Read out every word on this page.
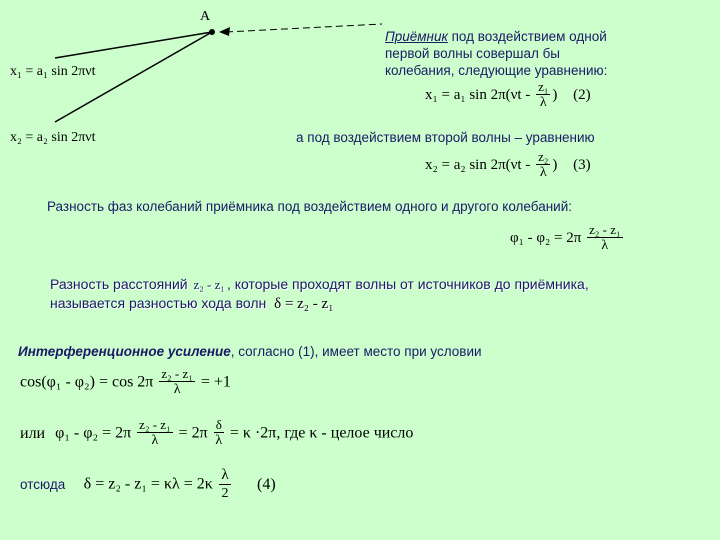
A
x₁ = a₁ sin 2πνt
x₂ = a₂ sin 2πνt
Приёмник под воздействием одной
первой волны совершал бы
колебания, следующие уравнению:
x₁ = a₁ $\sin 2\pi(\nu t - \frac{\text{z₁}}{\lambda}$ ) (2)
а под воздействием второй волны – уравнению
x₂ = a₂ $\sin 2\pi(\nu t - \frac{\text{z₂}}{\lambda}$ ) (3)
Разность фаз колебаний приёмника под воздействием одного и другого колебаний:
$\varphi_1 - \varphi_2 = 2\pi \frac{\text{z₂ - z₁}}{\lambda}$
Разность расстояний z₂ - z₁ , которые проходят волны от источников до приёмника,
называется разностью хода волн δ = z₂ - z₁
Интерференционное усиление, согласно (1), имеет место при условии
$\cos(\varphi_1 - \varphi_2) = \cos 2\pi \frac{\text{z₂ - z₁}}{\lambda} = +1$
или $\varphi_1 - \varphi_2 = 2\pi \frac{\text{z₂ - z₁}}{\lambda} = 2\pi \frac{\delta}{\lambda} = \kappa \cdot 2\pi$, где κ - целое число
отсюда $\delta = z_2 - z_1 = \kappa\lambda = 2\kappa \frac{\lambda}{2} (4)$
